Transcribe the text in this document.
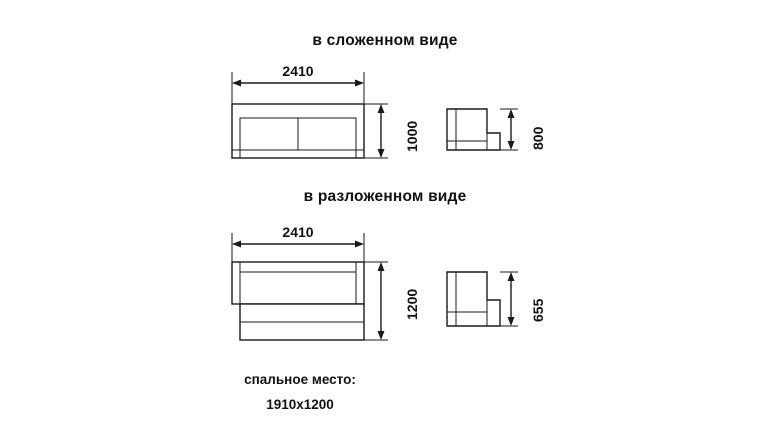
в сложенном виде
в разложенном виде
2410
1000	800
2410
1200	655
спальное место:
1910х1200
